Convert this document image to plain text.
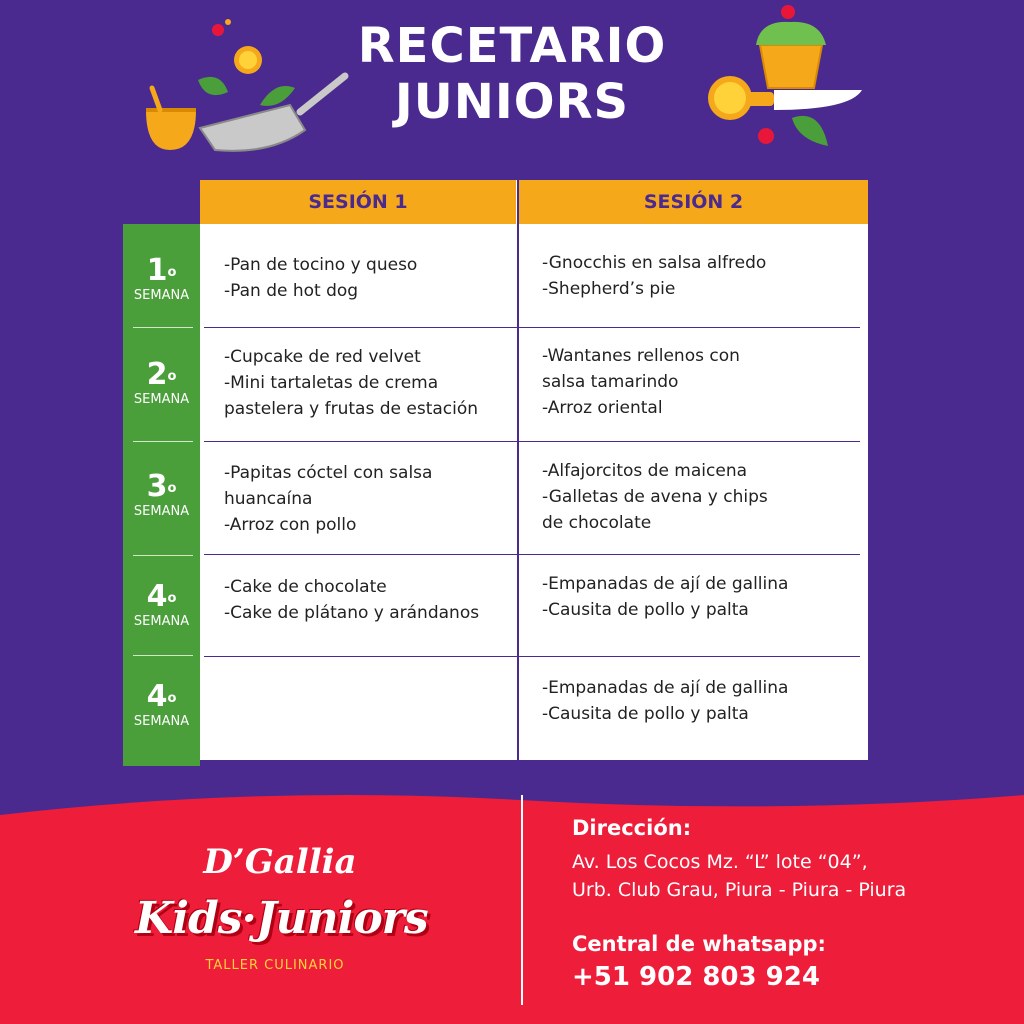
RECETARIO
JUNIORS
1$^o$
SEMANA
2$^o$
SEMANA
3$^o$
SEMANA
4$^o$
SEMANA
4$^o$
SEMANA
SESIÓN 1	SESIÓN 2
-Pan de tocino y queso
-Pan de hot dog
-Gnocchis en salsa alfredo
-Shepherd’s pie
-Cupcake de red velvet
-Mini tartaletas de crema
pastelera y frutas de estación
-Wantanes rellenos con
salsa tamarindo
-Arroz oriental
-Papitas cóctel con salsa
huancaína
-Arroz con pollo
-Alfajorcitos de maicena
-Galletas de avena y chips
de chocolate
-Cake de chocolate
-Cake de plátano y arándanos
-Empanadas de ají de gallina
-Causita de pollo y palta
-Empanadas de ají de gallina
-Causita de pollo y palta
D’Gallia
Kids·Juniors
TALLER CULINARIO
Dirección:
Av. Los Cocos Mz. “L” lote “04”,
Urb. Club Grau, Piura - Piura - Piura
Central de whatsapp:
+51 902 803 924
